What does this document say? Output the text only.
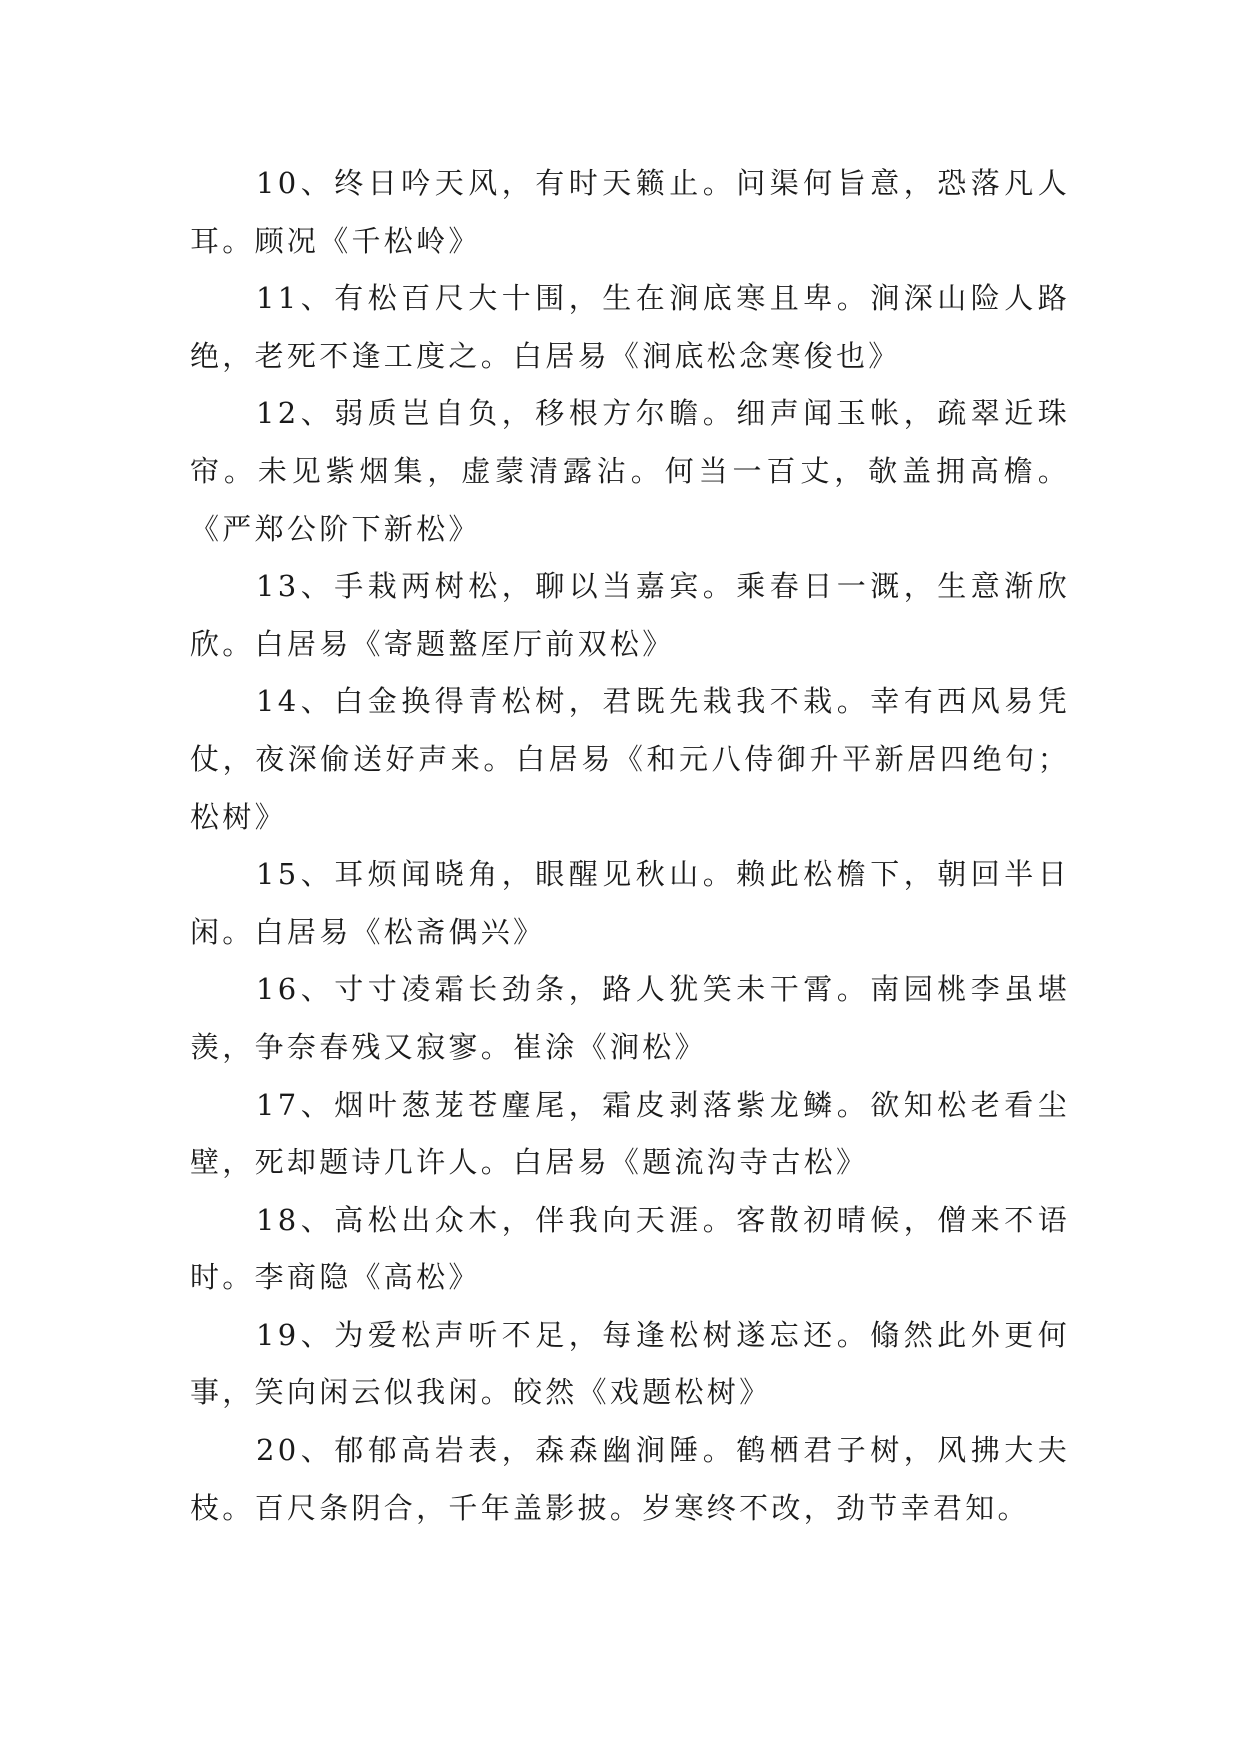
10、终日吟天风，有时天籁止。问渠何旨意，恐落凡人耳。顾况《千松岭》

11、有松百尺大十围，生在涧底寒且卑。涧深山险人路绝，老死不逢工度之。白居易《涧底松念寒俊也》

12、弱质岂自负，移根方尔瞻。细声闻玉帐，疏翠近珠帘。未见紫烟集，虚蒙清露沾。何当一百丈，欹盖拥高檐。《严郑公阶下新松》

13、手栽两树松，聊以当嘉宾。乘春日一溉，生意渐欣欣。白居易《寄题盩厔厅前双松》

14、白金换得青松树，君既先栽我不栽。幸有西风易凭仗，夜深偷送好声来。白居易《和元八侍御升平新居四绝句；松树》

15、耳烦闻晓角，眼醒见秋山。赖此松檐下，朝回半日闲。白居易《松斋偶兴》

16、寸寸凌霜长劲条，路人犹笑未干霄。南园桃李虽堪羡，争奈春残又寂寥。崔涂《涧松》

17、烟叶葱茏苍麈尾，霜皮剥落紫龙鳞。欲知松老看尘壁，死却题诗几许人。白居易《题流沟寺古松》

18、高松出众木，伴我向天涯。客散初晴候，僧来不语时。李商隐《高松》

19、为爱松声听不足，每逢松树遂忘还。翛然此外更何事，笑向闲云似我闲。皎然《戏题松树》

20、郁郁高岩表，森森幽涧陲。鹤栖君子树，风拂大夫枝。百尺条阴合，千年盖影披。岁寒终不改，劲节幸君知。
